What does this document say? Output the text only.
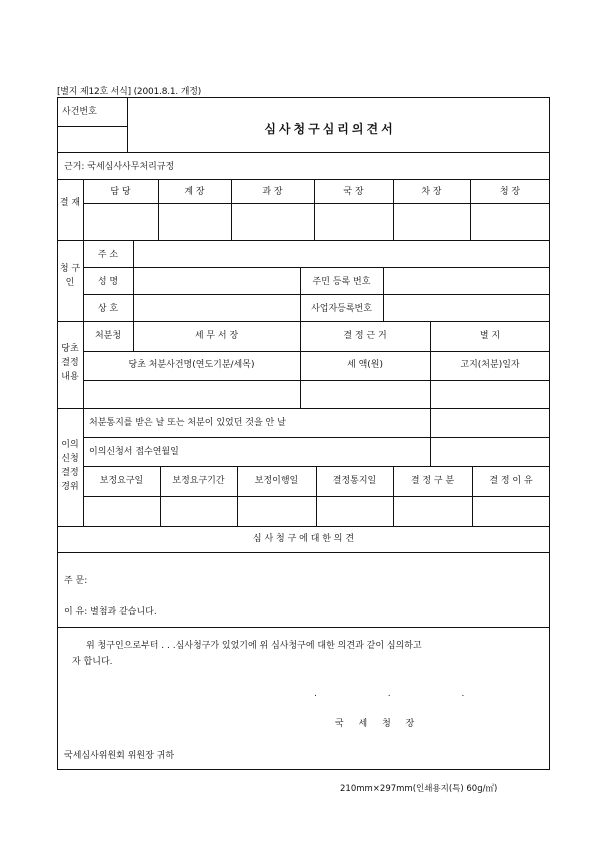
[별지 제12호 서식] (2001.8.1. 개정)
사건번호
심사청구심리의견서
근거: 국세심사사무처리규정
결 재
담 당	계 장	과 장	국 장	차 장	청 장
청 구 인
주 소
성 명	주민 등록 번호
상 호	사업자등록번호
당초 결정 내용
처분청	세 무 서 장	결 정 근 거	별 지
당초 처분사건명(연도기분/세목)	세 액(원)	고지(처분)일자
이의 신청 결정 경위
처분통지를 받은 날 또는 처분이 있었던 것을 안 날
이의신청서 접수연월일
보정요구일	보정요구기간	보정이행일	결정통지일	결 정 구 분	결 정 이 유
심 사 청 구 에 대 한 의 견
주 문:
이 유: 별첨과 같습니다.
위 청구인으로부터 . . .심사청구가 있었기에 위 심사청구에 대한 의견과 같이 심의하고
자 합니다.
. . .
국 세 청 장
국세심사위원회 위원장 귀하
210mm×297mm(인쇄용지(특) 60g/㎡)
